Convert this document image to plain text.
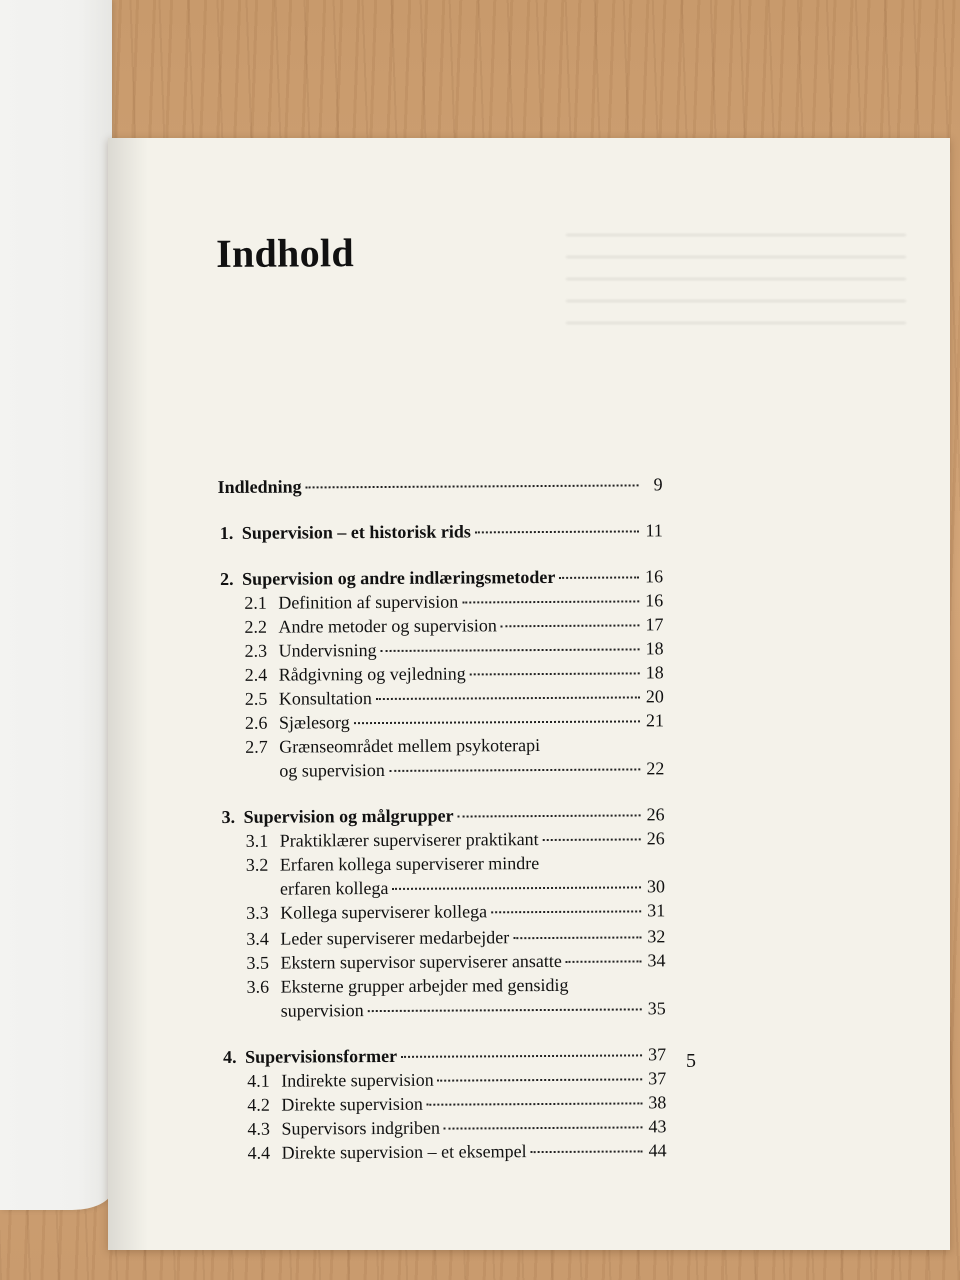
Indhold
Indledning	9
1. Supervision – et historisk rids	11
2. Supervision og andre indlæringsmetoder	16
2.1 Definition af supervision	16
2.2 Andre metoder og supervision	17
2.3 Undervisning	18
2.4 Rådgivning og vejledning	18
2.5 Konsultation	20
2.6 Sjælesorg	21
2.7 Grænseområdet mellem psykoterapi
og supervision	22
3. Supervision og målgrupper	26
3.1 Praktiklærer superviserer praktikant	26
3.2 Erfaren kollega superviserer mindre
erfaren kollega	30
3.3 Kollega superviserer kollega	31
3.4 Leder superviserer medarbejder	32
3.5 Ekstern supervisor superviserer ansatte	34
3.6 Eksterne grupper arbejder med gensidig
supervision	35
4. Supervisionsformer	37
4.1 Indirekte supervision	37
4.2 Direkte supervision	38
4.3 Supervisors indgriben	43
4.4 Direkte supervision – et eksempel	44
5
